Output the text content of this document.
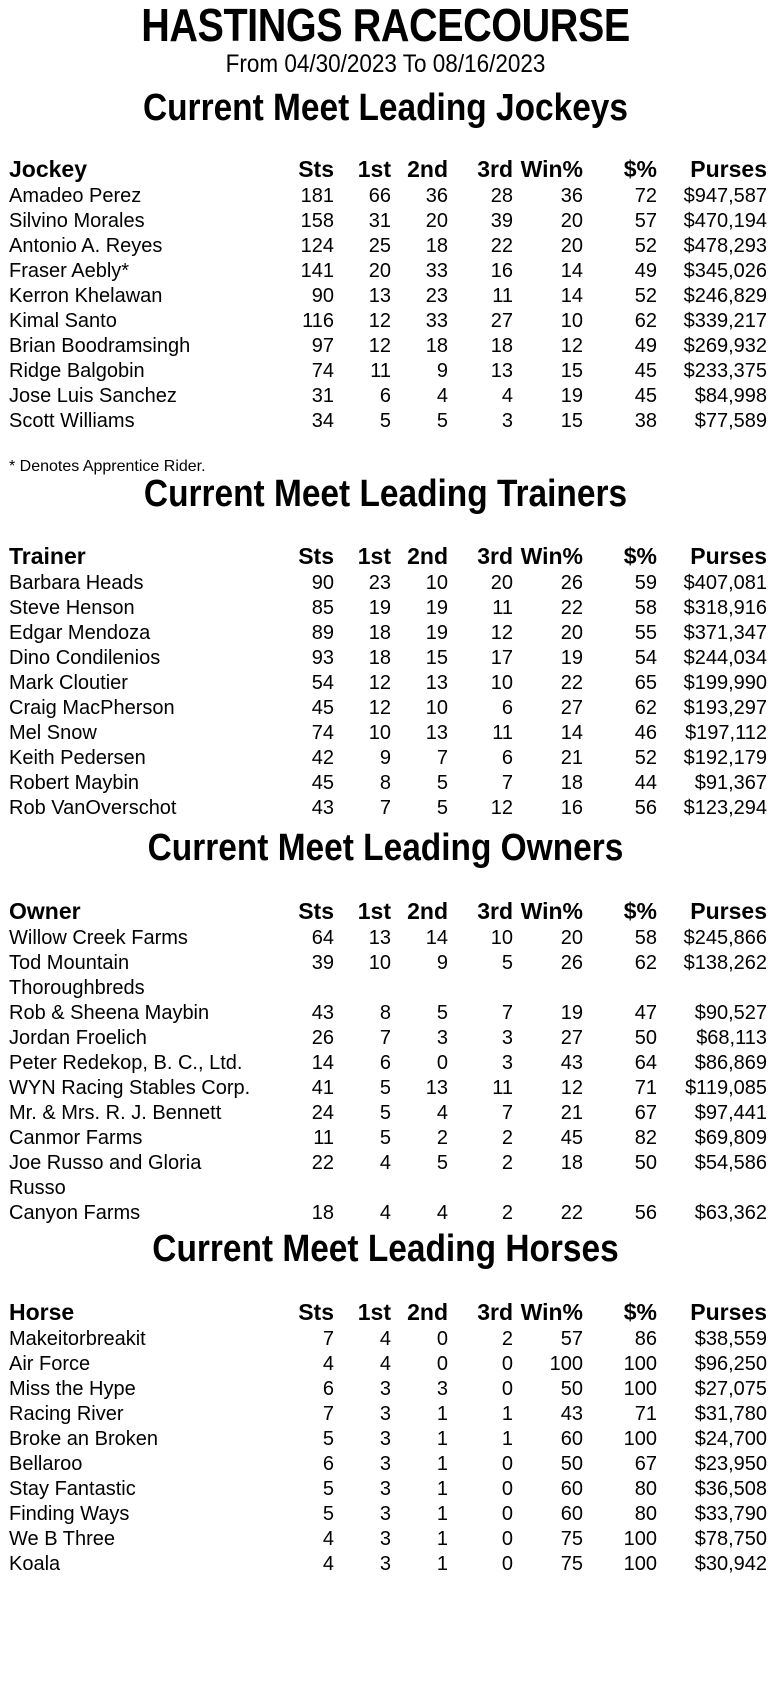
HASTINGS RACECOURSE
From 04/30/2023 To 08/16/2023
Current Meet Leading Jockeys
Jockey	Sts	1st	2nd	3rd	Win%	$%	Purses
Amadeo Perez	181	66	36	28	36	72	$947,587
Silvino Morales	158	31	20	39	20	57	$470,194
Antonio A. Reyes	124	25	18	22	20	52	$478,293
Fraser Aebly*	141	20	33	16	14	49	$345,026
Kerron Khelawan	90	13	23	11	14	52	$246,829
Kimal Santo	116	12	33	27	10	62	$339,217
Brian Boodramsingh	97	12	18	18	12	49	$269,932
Ridge Balgobin	74	11	9	13	15	45	$233,375
Jose Luis Sanchez	31	6	4	4	19	45	$84,998
Scott Williams	34	5	5	3	15	38	$77,589
* Denotes Apprentice Rider.
Current Meet Leading Trainers
Trainer	Sts	1st	2nd	3rd	Win%	$%	Purses
Barbara Heads	90	23	10	20	26	59	$407,081
Steve Henson	85	19	19	11	22	58	$318,916
Edgar Mendoza	89	18	19	12	20	55	$371,347
Dino Condilenios	93	18	15	17	19	54	$244,034
Mark Cloutier	54	12	13	10	22	65	$199,990
Craig MacPherson	45	12	10	6	27	62	$193,297
Mel Snow	74	10	13	11	14	46	$197,112
Keith Pedersen	42	9	7	6	21	52	$192,179
Robert Maybin	45	8	5	7	18	44	$91,367
Rob VanOverschot	43	7	5	12	16	56	$123,294
Current Meet Leading Owners
Owner	Sts	1st	2nd	3rd	Win%	$%	Purses
Willow Creek Farms	64	13	14	10	20	58	$245,866
Tod Mountain Thoroughbreds	39	10	9	5	26	62	$138,262
Rob & Sheena Maybin	43	8	5	7	19	47	$90,527
Jordan Froelich	26	7	3	3	27	50	$68,113
Peter Redekop, B. C., Ltd.	14	6	0	3	43	64	$86,869
WYN Racing Stables Corp.	41	5	13	11	12	71	$119,085
Mr. & Mrs. R. J. Bennett	24	5	4	7	21	67	$97,441
Canmor Farms	11	5	2	2	45	82	$69,809
Joe Russo and Gloria Russo	22	4	5	2	18	50	$54,586
Canyon Farms	18	4	4	2	22	56	$63,362
Current Meet Leading Horses
Horse	Sts	1st	2nd	3rd	Win%	$%	Purses
Makeitorbreakit	7	4	0	2	57	86	$38,559
Air Force	4	4	0	0	100	100	$96,250
Miss the Hype	6	3	3	0	50	100	$27,075
Racing River	7	3	1	1	43	71	$31,780
Broke an Broken	5	3	1	1	60	100	$24,700
Bellaroo	6	3	1	0	50	67	$23,950
Stay Fantastic	5	3	1	0	60	80	$36,508
Finding Ways	5	3	1	0	60	80	$33,790
We B Three	4	3	1	0	75	100	$78,750
Koala	4	3	1	0	75	100	$30,942
